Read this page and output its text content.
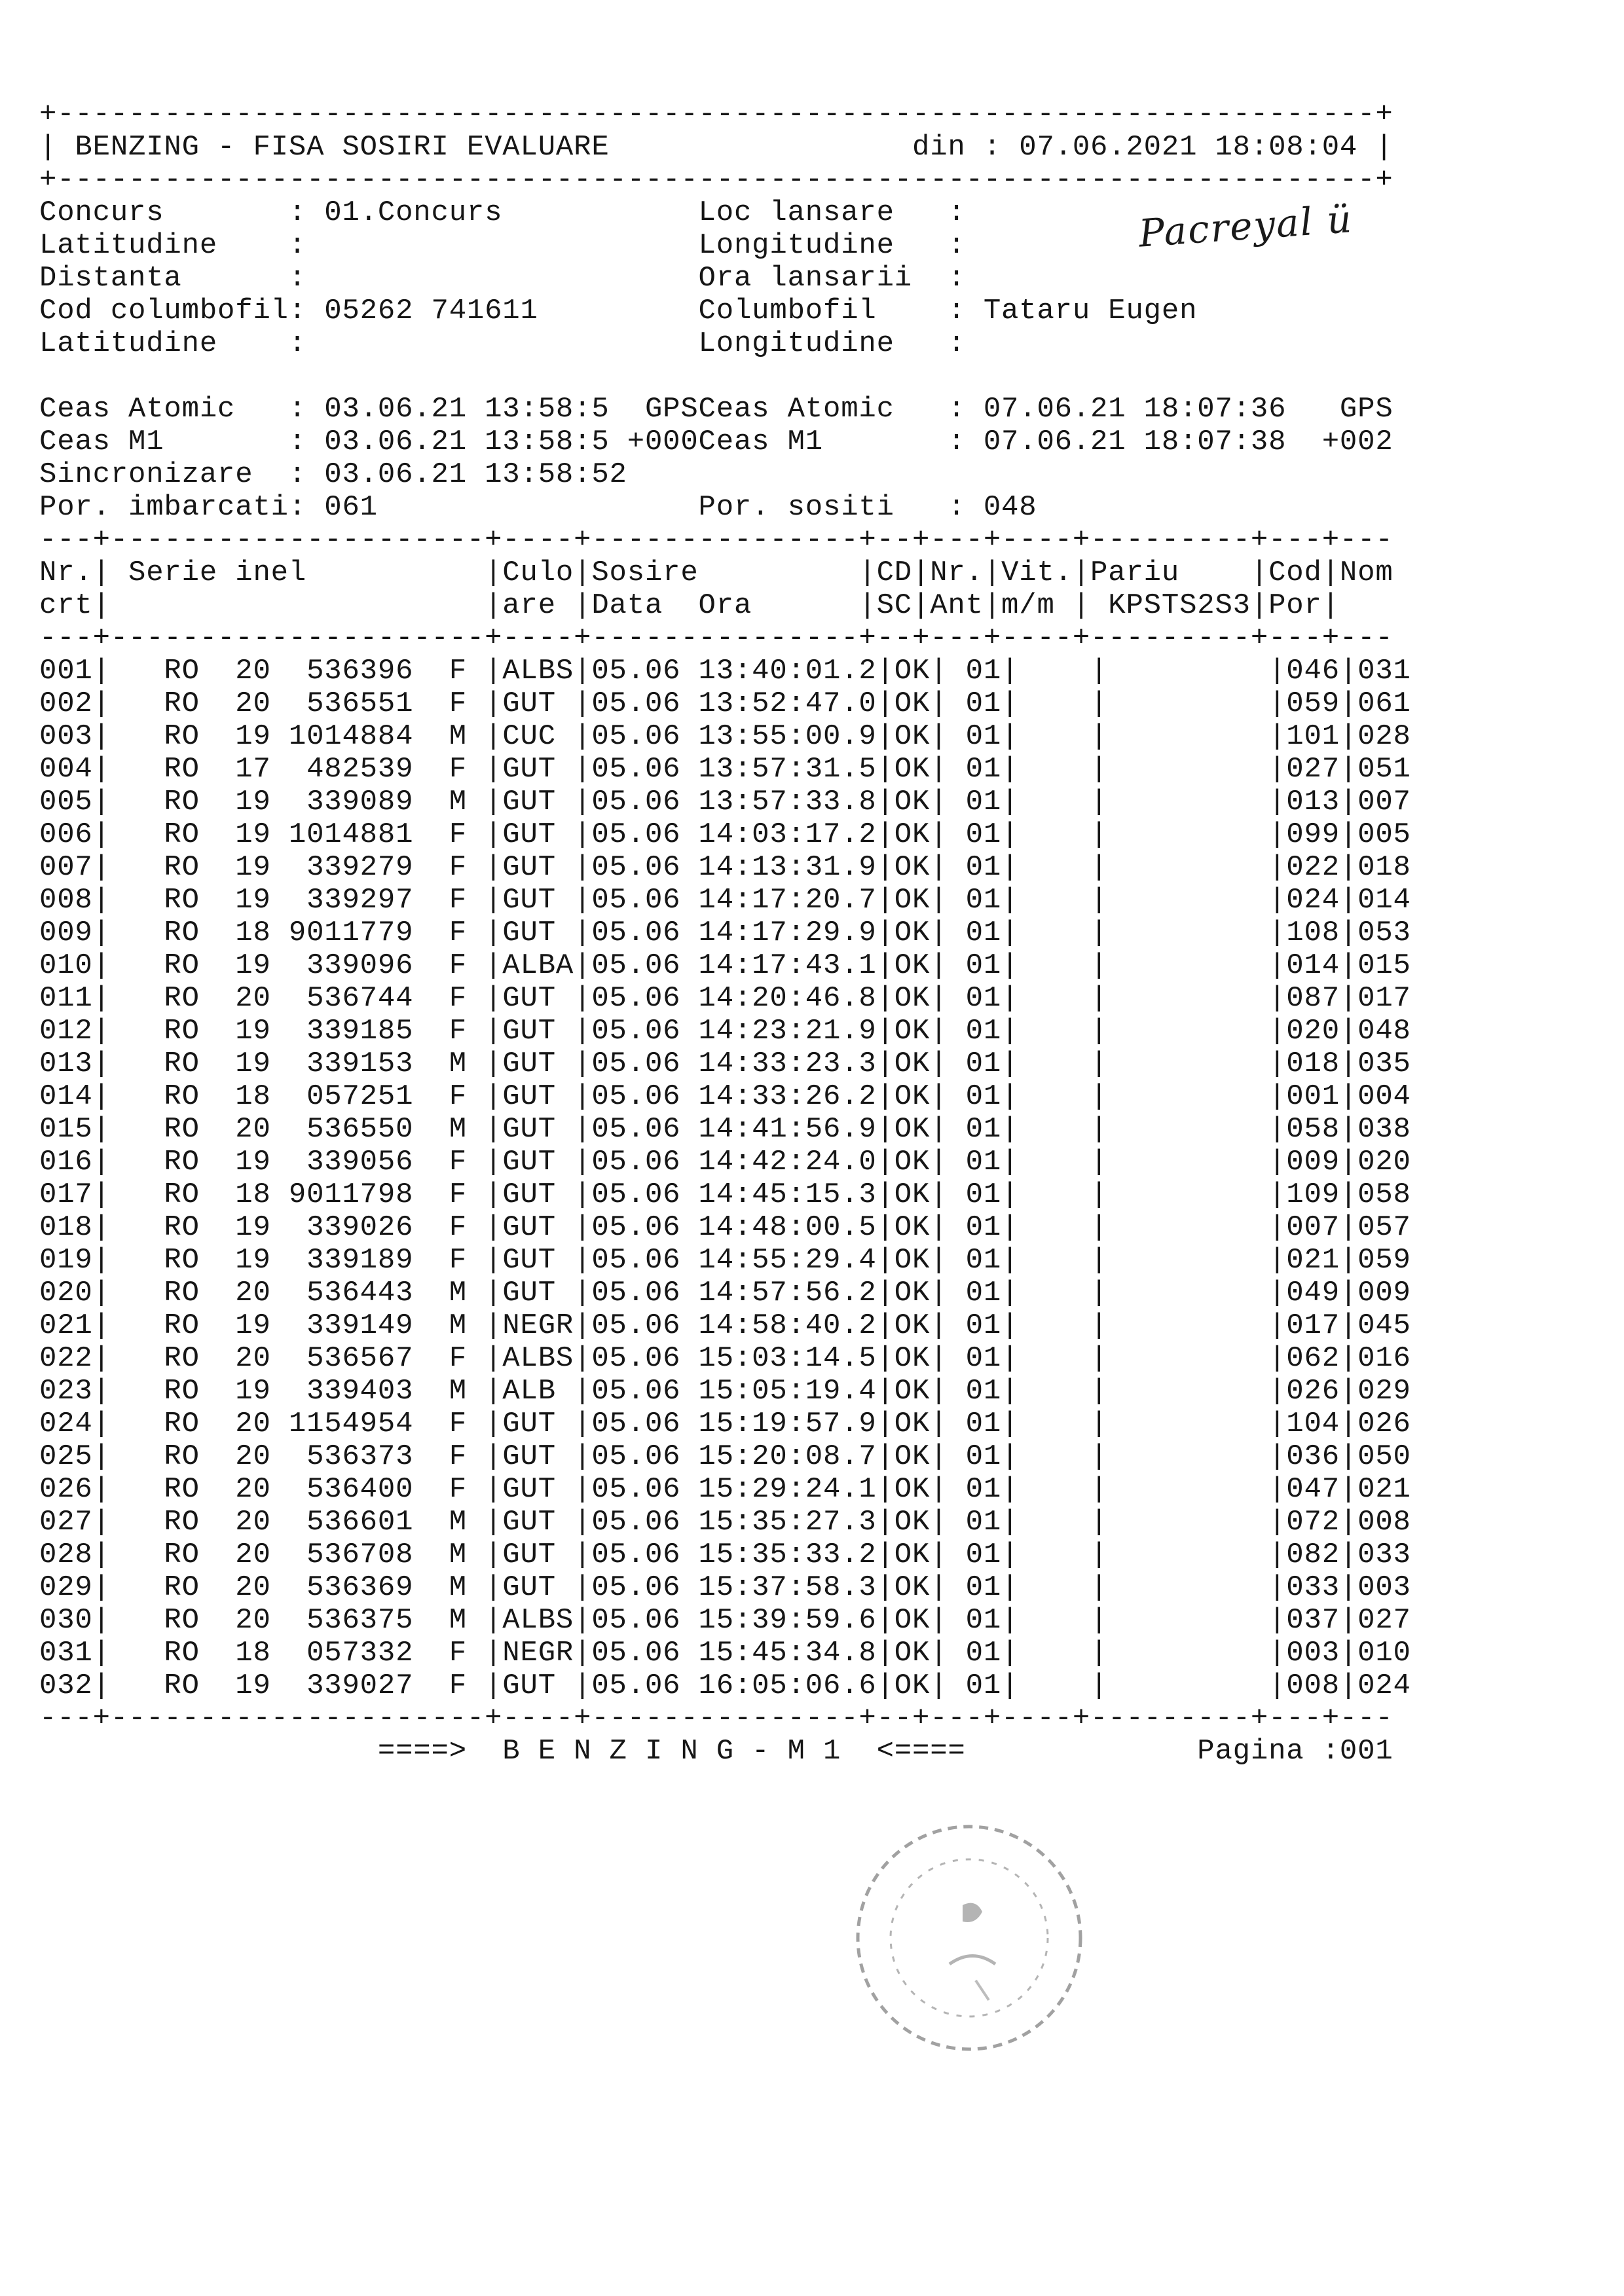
+--------------------------------------------------------------------------+
| BENZING - FISA SOSIRI EVALUARE                 din : 07.06.2021 18:08:04 |
+--------------------------------------------------------------------------+
Concurs       : 01.Concurs           Loc lansare   :
Latitudine    :                      Longitudine   :
Distanta      :                      Ora lansarii  :
Cod columbofil: 05262 741611         Columbofil    : Tataru Eugen
Latitudine    :                      Longitudine   :
Ceas Atomic   : 03.06.21 13:58:5  GPSCeas Atomic   : 07.06.21 18:07:36   GPS
Ceas M1       : 03.06.21 13:58:5 +000Ceas M1       : 07.06.21 18:07:38  +002
Sincronizare  : 03.06.21 13:58:52
Por. imbarcati: 061                  Por. sositi   : 048
---+---------------------+----+---------------+--+---+----+---------+---+---
Nr.| Serie inel          |Culo|Sosire         |CD|Nr.|Vit.|Pariu    |Cod|Nom
crt|                     |are |Data  Ora      |SC|Ant|m/m | KPSTS2S3|Por|
---+---------------------+----+---------------+--+---+----+---------+---+---
001|   RO  20  536396  F |ALBS|05.06 13:40:01.2|OK| 01|    |         |046|031
002|   RO  20  536551  F |GUT |05.06 13:52:47.0|OK| 01|    |         |059|061
003|   RO  19 1014884  M |CUC |05.06 13:55:00.9|OK| 01|    |         |101|028
004|   RO  17  482539  F |GUT |05.06 13:57:31.5|OK| 01|    |         |027|051
005|   RO  19  339089  M |GUT |05.06 13:57:33.8|OK| 01|    |         |013|007
006|   RO  19 1014881  F |GUT |05.06 14:03:17.2|OK| 01|    |         |099|005
007|   RO  19  339279  F |GUT |05.06 14:13:31.9|OK| 01|    |         |022|018
008|   RO  19  339297  F |GUT |05.06 14:17:20.7|OK| 01|    |         |024|014
009|   RO  18 9011779  F |GUT |05.06 14:17:29.9|OK| 01|    |         |108|053
010|   RO  19  339096  F |ALBA|05.06 14:17:43.1|OK| 01|    |         |014|015
011|   RO  20  536744  F |GUT |05.06 14:20:46.8|OK| 01|    |         |087|017
012|   RO  19  339185  F |GUT |05.06 14:23:21.9|OK| 01|    |         |020|048
013|   RO  19  339153  M |GUT |05.06 14:33:23.3|OK| 01|    |         |018|035
014|   RO  18  057251  F |GUT |05.06 14:33:26.2|OK| 01|    |         |001|004
015|   RO  20  536550  M |GUT |05.06 14:41:56.9|OK| 01|    |         |058|038
016|   RO  19  339056  F |GUT |05.06 14:42:24.0|OK| 01|    |         |009|020
017|   RO  18 9011798  F |GUT |05.06 14:45:15.3|OK| 01|    |         |109|058
018|   RO  19  339026  F |GUT |05.06 14:48:00.5|OK| 01|    |         |007|057
019|   RO  19  339189  F |GUT |05.06 14:55:29.4|OK| 01|    |         |021|059
020|   RO  20  536443  M |GUT |05.06 14:57:56.2|OK| 01|    |         |049|009
021|   RO  19  339149  M |NEGR|05.06 14:58:40.2|OK| 01|    |         |017|045
022|   RO  20  536567  F |ALBS|05.06 15:03:14.5|OK| 01|    |         |062|016
023|   RO  19  339403  M |ALB |05.06 15:05:19.4|OK| 01|    |         |026|029
024|   RO  20 1154954  F |GUT |05.06 15:19:57.9|OK| 01|    |         |104|026
025|   RO  20  536373  F |GUT |05.06 15:20:08.7|OK| 01|    |         |036|050
026|   RO  20  536400  F |GUT |05.06 15:29:24.1|OK| 01|    |         |047|021
027|   RO  20  536601  M |GUT |05.06 15:35:27.3|OK| 01|    |         |072|008
028|   RO  20  536708  M |GUT |05.06 15:35:33.2|OK| 01|    |         |082|033
029|   RO  20  536369  M |GUT |05.06 15:37:58.3|OK| 01|    |         |033|003
030|   RO  20  536375  M |ALBS|05.06 15:39:59.6|OK| 01|    |         |037|027
031|   RO  18  057332  F |NEGR|05.06 15:45:34.8|OK| 01|    |         |003|010
032|   RO  19  339027  F |GUT |05.06 16:05:06.6|OK| 01|    |         |008|024
---+---------------------+----+---------------+--+---+----+---------+---+---
====>  B E N Z I N G - M 1  <====             Pagina :001
Pacreyal ü
